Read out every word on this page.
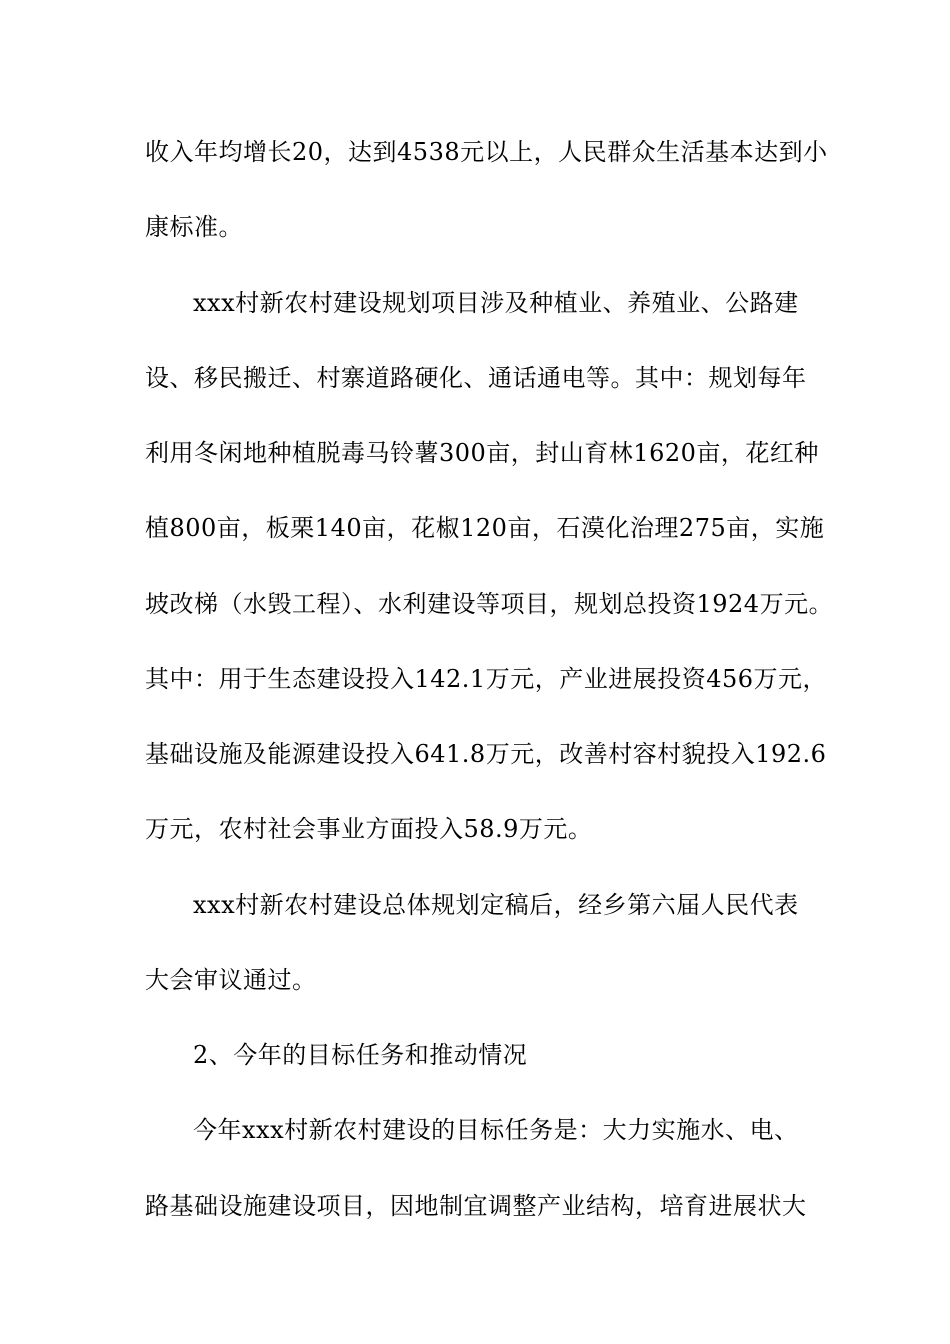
收入年均增长20，达到4538元以上，人民群众生活基本达到小
康标准。
xxx村新农村建设规划项目涉及种植业、养殖业、公路建
设、移民搬迁、村寨道路硬化、通话通电等。其中：规划每年
利用冬闲地种植脱毒马铃薯300亩，封山育林1620亩，花红种
植800亩，板栗140亩，花椒120亩，石漠化治理275亩，实施
坡改梯（水毁工程）、水利建设等项目，规划总投资1924万元。
其中：用于生态建设投入142.1万元，产业进展投资456万元，
基础设施及能源建设投入641.8万元，改善村容村貌投入192.6
万元，农村社会事业方面投入58.9万元。
xxx村新农村建设总体规划定稿后，经乡第六届人民代表
大会审议通过。
2、今年的目标任务和推动情况
今年xxx村新农村建设的目标任务是：大力实施水、电、
路基础设施建设项目，因地制宜调整产业结构，培育进展状大
